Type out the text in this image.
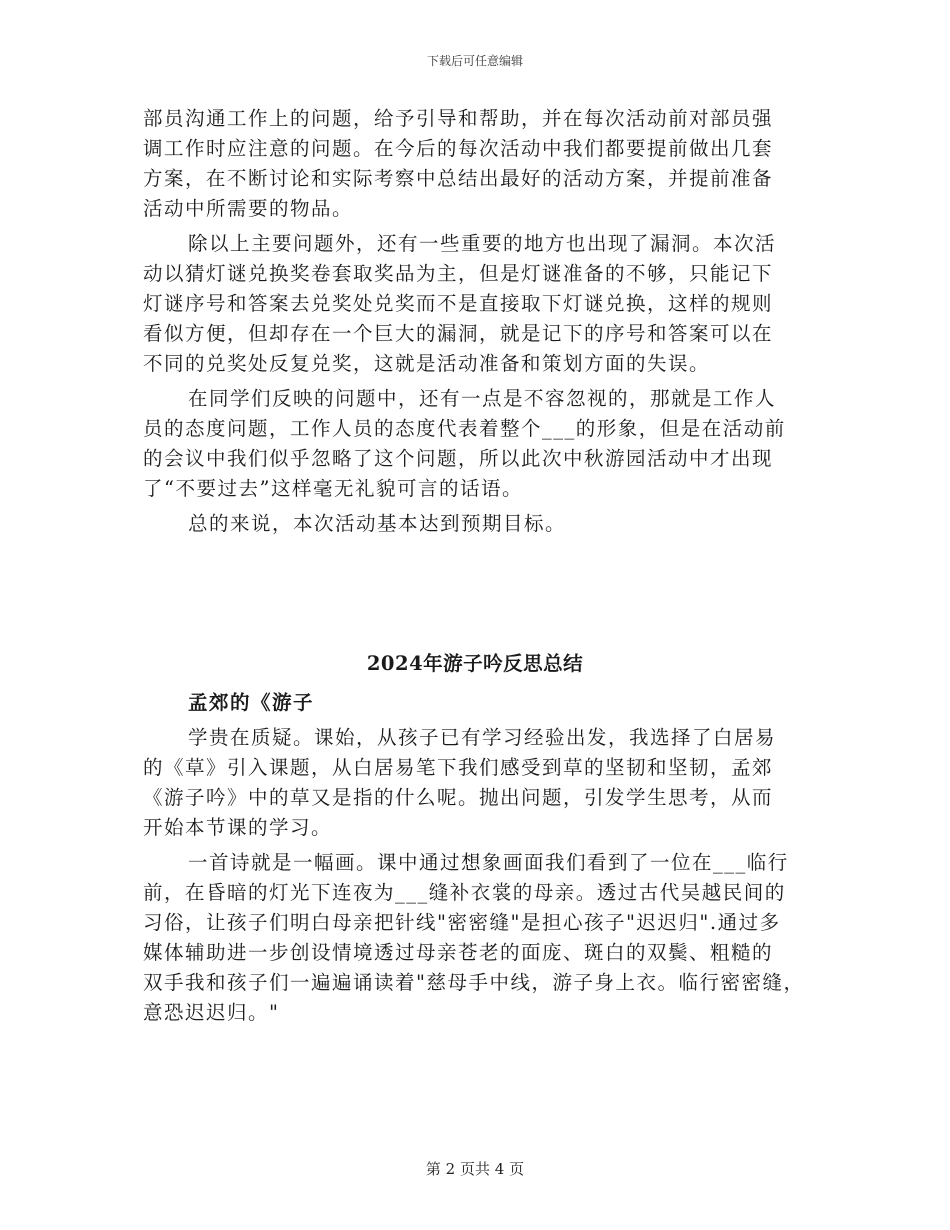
下载后可任意编辑
部员沟通工作上的问题，给予引导和帮助，并在每次活动前对部员强
调工作时应注意的问题。在今后的每次活动中我们都要提前做出几套
方案，在不断讨论和实际考察中总结出最好的活动方案，并提前准备
活动中所需要的物品。
除以上主要问题外，还有一些重要的地方也出现了漏洞。本次活
动以猜灯谜兑换奖卷套取奖品为主，但是灯谜准备的不够，只能记下
灯谜序号和答案去兑奖处兑奖而不是直接取下灯谜兑换，这样的规则
看似方便，但却存在一个巨大的漏洞，就是记下的序号和答案可以在
不同的兑奖处反复兑奖，这就是活动准备和策划方面的失误。
在同学们反映的问题中，还有一点是不容忽视的，那就是工作人
员的态度问题，工作人员的态度代表着整个___的形象，但是在活动前
的会议中我们似乎忽略了这个问题，所以此次中秋游园活动中才出现
了“不要过去”这样毫无礼貌可言的话语。
总的来说，本次活动基本达到预期目标。
2024年游子吟反思总结
孟郊的《游子
学贵在质疑。课始，从孩子已有学习经验出发，我选择了白居易
的《草》引入课题，从白居易笔下我们感受到草的坚韧和坚韧，孟郊
《游子吟》中的草又是指的什么呢。抛出问题，引发学生思考，从而
开始本节课的学习。
一首诗就是一幅画。课中通过想象画面我们看到了一位在___临行
前，在昏暗的灯光下连夜为___缝补衣裳的母亲。透过古代吴越民间的
习俗，让孩子们明白母亲把针线"密密缝"是担心孩子"迟迟归".通过多
媒体辅助进一步创设情境透过母亲苍老的面庞、斑白的双鬓、粗糙的
双手我和孩子们一遍遍诵读着"慈母手中线，游子身上衣。临行密密缝，
意恐迟迟归。"
第 2 页共 4 页
